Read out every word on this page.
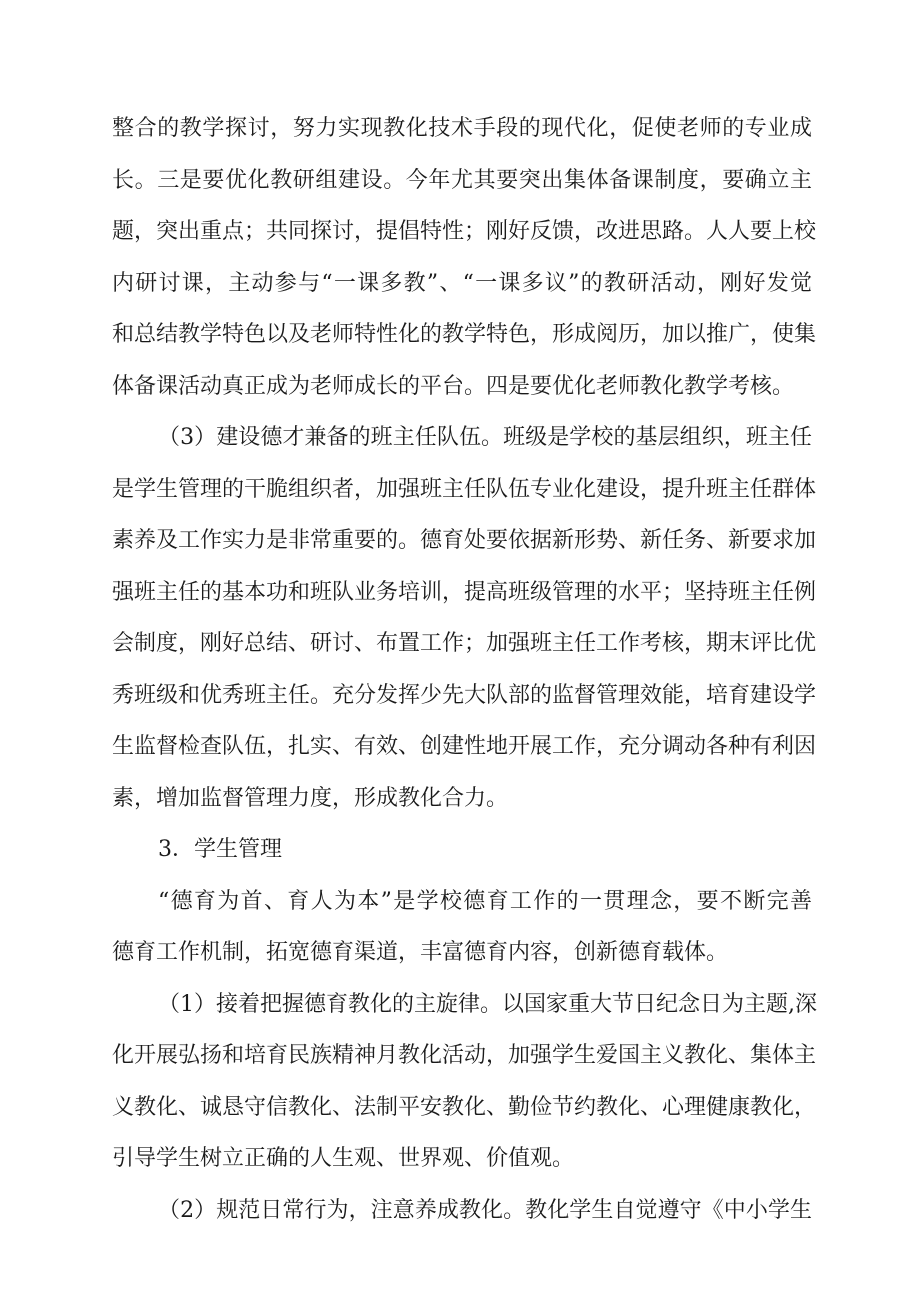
整合的教学探讨，努力实现教化技术手段的现代化，促使老师的专业成
长。三是要优化教研组建设。今年尤其要突出集体备课制度，要确立主
题，突出重点；共同探讨，提倡特性；刚好反馈，改进思路。人人要上校
内研讨课，主动参与“一课多教”、“一课多议”的教研活动，刚好发觉
和总结教学特色以及老师特性化的教学特色，形成阅历，加以推广，使集
体备课活动真正成为老师成长的平台。四是要优化老师教化教学考核。
（3）建设德才兼备的班主任队伍。班级是学校的基层组织，班主任
是学生管理的干脆组织者，加强班主任队伍专业化建设，提升班主任群体
素养及工作实力是非常重要的。德育处要依据新形势、新任务、新要求加
强班主任的基本功和班队业务培训，提高班级管理的水平；坚持班主任例
会制度，刚好总结、研讨、布置工作；加强班主任工作考核，期末评比优
秀班级和优秀班主任。充分发挥少先大队部的监督管理效能，培育建设学
生监督检查队伍，扎实、有效、创建性地开展工作，充分调动各种有利因
素，增加监督管理力度，形成教化合力。
3．学生管理
“德育为首、育人为本”是学校德育工作的一贯理念，要不断完善
德育工作机制，拓宽德育渠道，丰富德育内容，创新德育载体。
（1）接着把握德育教化的主旋律。以国家重大节日纪念日为主题,深
化开展弘扬和培育民族精神月教化活动，加强学生爱国主义教化、集体主
义教化、诚恳守信教化、法制平安教化、勤俭节约教化、心理健康教化，
引导学生树立正确的人生观、世界观、价值观。
（2）规范日常行为，注意养成教化。教化学生自觉遵守《中小学生
